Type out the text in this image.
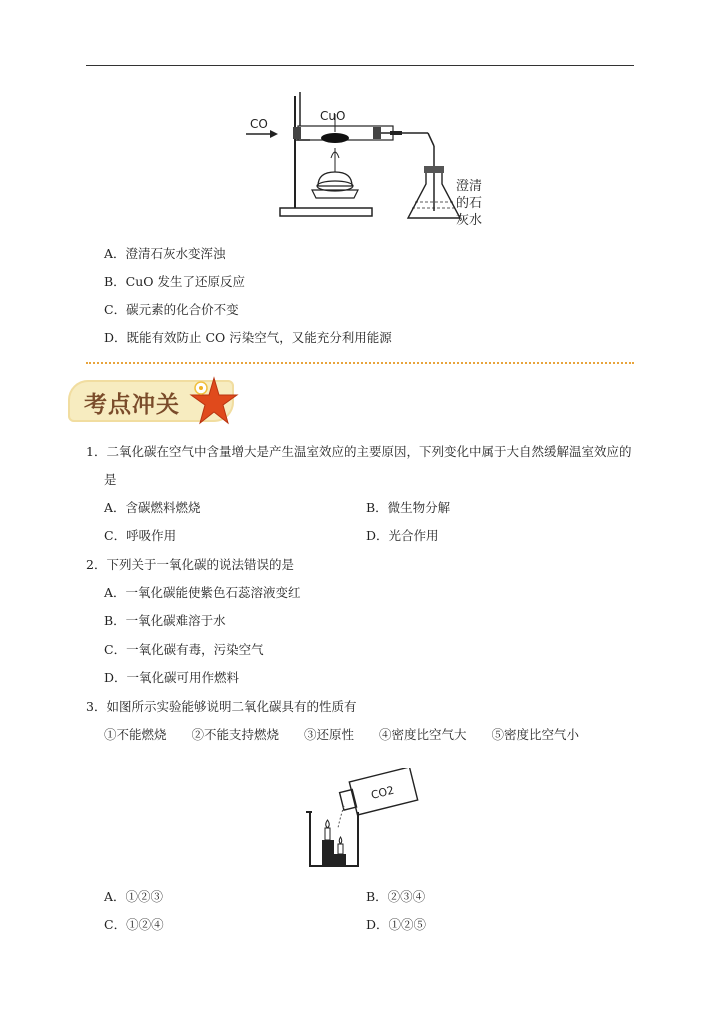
CO
CuO
澄清
的石
灰水
A．澄清石灰水变浑浊
B．CuO 发生了还原反应
C．碳元素的化合价不变
D．既能有效防止 CO 污染空气，又能充分利用能源
考点冲关
1．二氧化碳在空气中含量增大是产生温室效应的主要原因，下列变化中属于大自然缓解温室效应的
是
A．含碳燃料燃烧	B．微生物分解
C．呼吸作用	D．光合作用
2．下列关于一氧化碳的说法错误的是
A．一氧化碳能使紫色石蕊溶液变红
B．一氧化碳难溶于水
C．一氧化碳有毒，污染空气
D．一氧化碳可用作燃料
3．如图所示实验能够说明二氧化碳具有的性质有
①不能燃烧　　②不能支持燃烧　　③还原性　　④密度比空气大　　⑤密度比空气小
CO2
A．①②③	B．②③④
C．①②④	D．①②⑤
